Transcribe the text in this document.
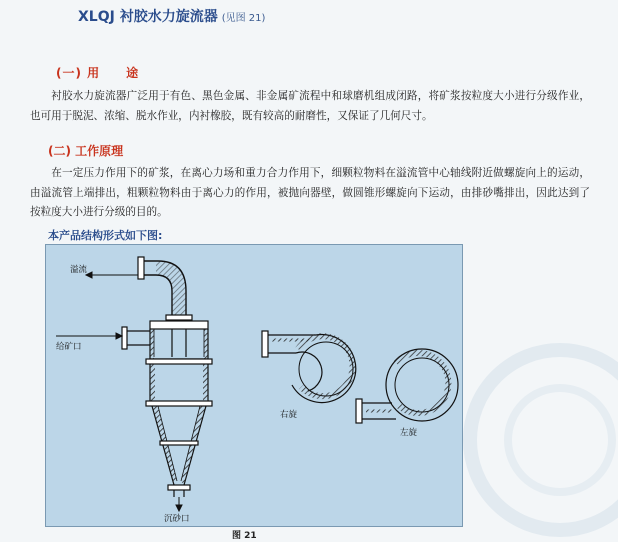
XLQJ 衬胶水力旋流器 (见图 21)
(一) 用　　途

衬胶水力旋流器广泛用于有色、黑色金属、非金属矿流程中和球磨机组成闭路，将矿浆按粒度大小进行分级作业，也可用于脱泥、浓缩、脱水作业，内衬橡胶，既有较高的耐磨性，又保证了几何尺寸。

(二) 工作原理

在一定压力作用下的矿浆，在离心力场和重力合力作用下，细颗粒物料在溢流管中心轴线附近做螺旋向上的运动，由溢流管上端排出，粗颗粒物料由于离心力的作用，被抛向器壁，做圆锥形螺旋向下运动，由排砂嘴排出，因此达到了按粒度大小进行分级的目的。

本产品结构形式如下图:
溢流
给矿口
沉砂口
右旋
左旋
图 21
